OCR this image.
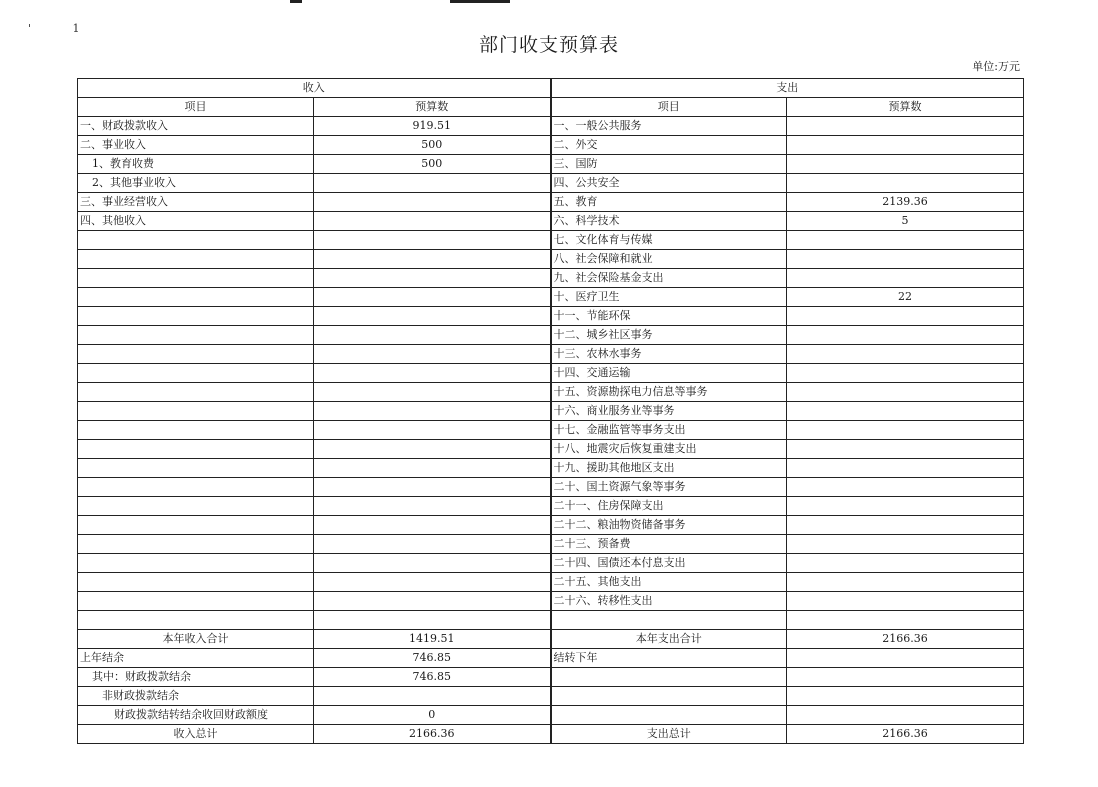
'	1
部门收支预算表
单位:万元
收入		支出	
项目	预算数	项目	预算数
一、财政拨款收入	919.51	一、一般公共服务	
二、事业收入	500	二、外交	
1、教育收费	500	三、国防	
2、其他事业收入		四、公共安全	
三、事业经营收入		五、教育	2139.36
四、其他收入		六、科学技术	5
		七、文化体育与传媒	
		八、社会保障和就业	
		九、社会保险基金支出	
		十、医疗卫生	22
		十一、节能环保	
		十二、城乡社区事务	
		十三、农林水事务	
		十四、交通运输	
		十五、资源勘探电力信息等事务	
		十六、商业服务业等事务	
		十七、金融监管等事务支出	
		十八、地震灾后恢复重建支出	
		十九、援助其他地区支出	
		二十、国土资源气象等事务	
		二十一、住房保障支出	
		二十二、粮油物资储备事务	
		二十三、预备费	
		二十四、国债还本付息支出	
		二十五、其他支出	
		二十六、转移性支出	

本年收入合计	1419.51	本年支出合计	2166.36
上年结余	746.85	结转下年	
其中：财政拨款结余	746.85		
非财政拨款结余			
财政拨款结转结余收回财政额度	0		
收入总计	2166.36	支出总计	2166.36
